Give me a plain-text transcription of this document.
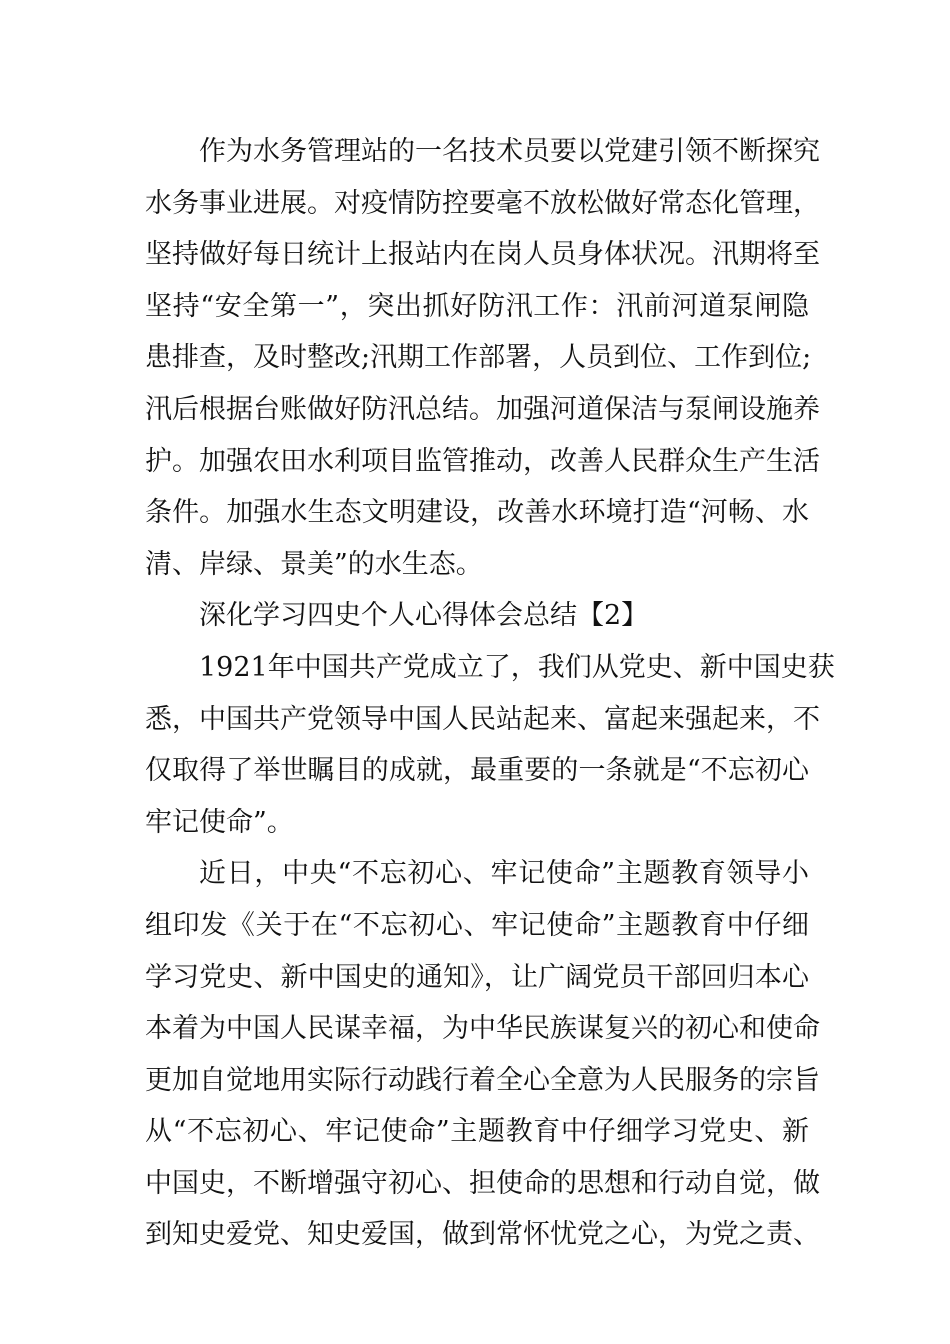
作为水务管理站的一名技术员要以党建引领不断探究
水务事业进展。对疫情防控要毫不放松做好常态化管理，
坚持做好每日统计上报站内在岗人员身体状况。汛期将至
坚持“安全第一”，突出抓好防汛工作：汛前河道泵闸隐
患排查，及时整改;汛期工作部署，人员到位、工作到位;
汛后根据台账做好防汛总结。加强河道保洁与泵闸设施养
护。加强农田水利项目监管推动，改善人民群众生产生活
条件。加强水生态文明建设，改善水环境打造“河畅、水
清、岸绿、景美”的水生态。
深化学习四史个人心得体会总结【2】
1921年中国共产党成立了，我们从党史、新中国史获
悉，中国共产党领导中国人民站起来、富起来强起来，不
仅取得了举世瞩目的成就，最重要的一条就是“不忘初心
牢记使命”。
近日，中央“不忘初心、牢记使命”主题教育领导小
组印发《关于在“不忘初心、牢记使命”主题教育中仔细
学习党史、新中国史的通知》，让广阔党员干部回归本心
本着为中国人民谋幸福，为中华民族谋复兴的初心和使命
更加自觉地用实际行动践行着全心全意为人民服务的宗旨
从“不忘初心、牢记使命”主题教育中仔细学习党史、新
中国史，不断增强守初心、担使命的思想和行动自觉，做
到知史爱党、知史爱国，做到常怀忧党之心，为党之责、
